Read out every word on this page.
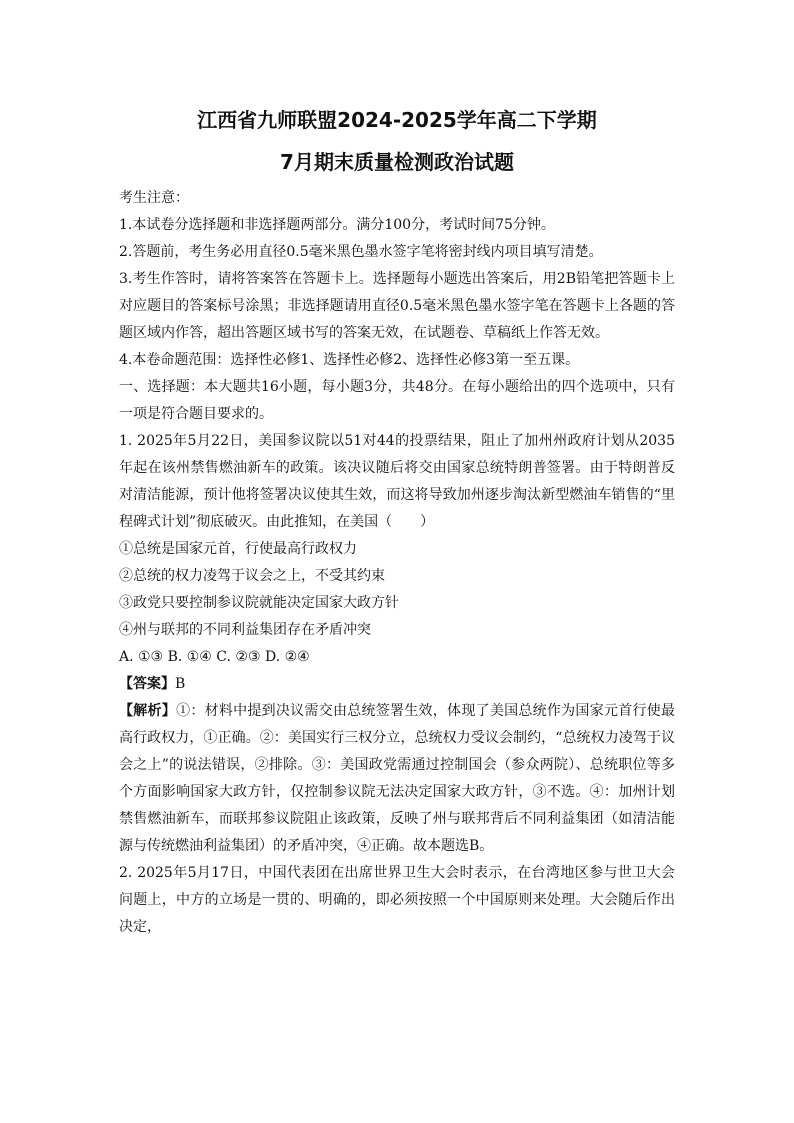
江西省九师联盟2024-2025学年高二下学期
7月期末质量检测政治试题

考生注意：

1.本试卷分选择题和非选择题两部分。满分100分，考试时间75分钟。

2.答题前，考生务必用直径0.5毫米黑色墨水签字笔将密封线内项目填写清楚。

3.考生作答时，请将答案答在答题卡上。选择题每小题选出答案后，用2B铅笔把答题卡上对应题目的答案标号涂黑；非选择题请用直径0.5毫米黑色墨水签字笔在答题卡上各题的答题区域内作答，超出答题区域书写的答案无效，在试题卷、草稿纸上作答无效。

4.本卷命题范围：选择性必修1、选择性必修2、选择性必修3第一至五课。

一、选择题：本大题共16小题，每小题3分，共48分。在每小题给出的四个选项中，只有一项是符合题目要求的。

1. 2025年5月22日，美国参议院以51对44的投票结果，阻止了加州州政府计划从2035年起在该州禁售燃油新车的政策。该决议随后将交由国家总统特朗普签署。由于特朗普反对清洁能源，预计他将签署决议使其生效，而这将导致加州逐步淘汰新型燃油车销售的“里程碑式计划”彻底破灭。由此推知，在美国（　　）

①总统是国家元首，行使最高行政权力

②总统的权力凌驾于议会之上，不受其约束

③政党只要控制参议院就能决定国家大政方针

④州与联邦的不同利益集团存在矛盾冲突

A. ①③ B. ①④ C. ②③ D. ②④

【答案】B

【解析】①：材料中提到决议需交由总统签署生效，体现了美国总统作为国家元首行使最高行政权力，①正确。②：美国实行三权分立，总统权力受议会制约，“总统权力凌驾于议会之上”的说法错误，②排除。③：美国政党需通过控制国会（参众两院）、总统职位等多个方面影响国家大政方针，仅控制参议院无法决定国家大政方针，③不选。④：加州计划禁售燃油新车，而联邦参议院阻止该政策，反映了州与联邦背后不同利益集团（如清洁能源与传统燃油利益集团）的矛盾冲突，④正确。故本题选B。

2. 2025年5月17日，中国代表团在出席世界卫生大会时表示，在台湾地区参与世卫大会问题上，中方的立场是一贯的、明确的，即必须按照一个中国原则来处理。大会随后作出决定，
